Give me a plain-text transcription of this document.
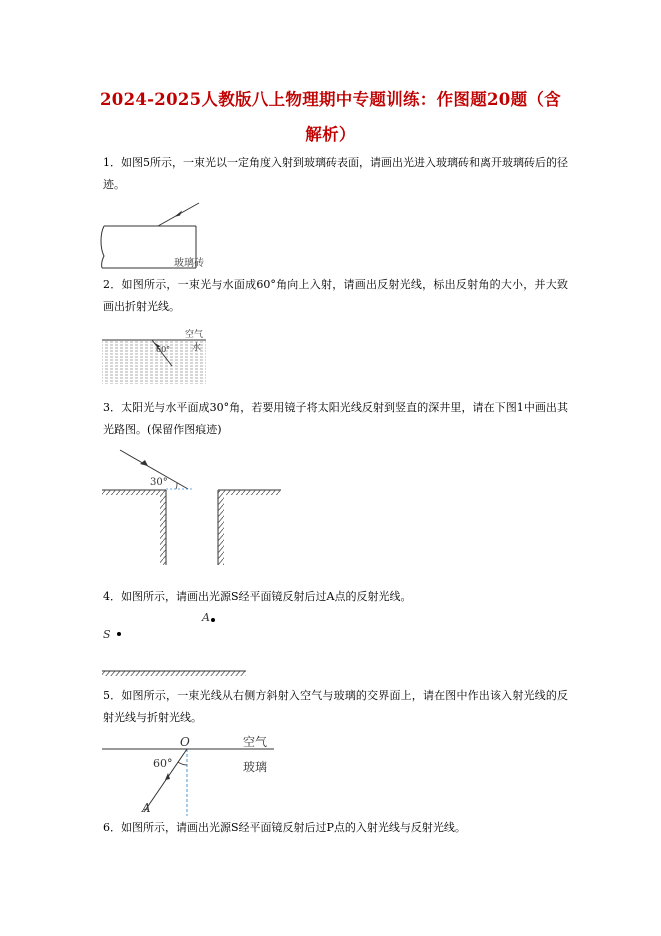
2024-2025人教版八上物理期中专题训练：作图题20题（含
解析）
1．如图5所示，一束光以一定角度入射到玻璃砖表面，请画出光进入玻璃砖和离开玻璃砖后的径迹。
玻璃砖
2．如图所示，一束光与水面成60°角向上入射，请画出反射光线，标出反射角的大小，并大致画出折射光线。
60°
空气
水
3．太阳光与水平面成30°角，若要用镜子将太阳光线反射到竖直的深井里，请在下图1中画出其光路图。(保留作图痕迹)
30°
4．如图所示，请画出光源S经平面镜反射后过A点的反射光线。
S
A
5．如图所示，一束光线从右侧方斜射入空气与玻璃的交界面上，请在图中作出该入射光线的反射光线与折射光线。
O
60°
空气
玻璃
A
6．如图所示，请画出光源S经平面镜反射后过P点的入射光线与反射光线。
